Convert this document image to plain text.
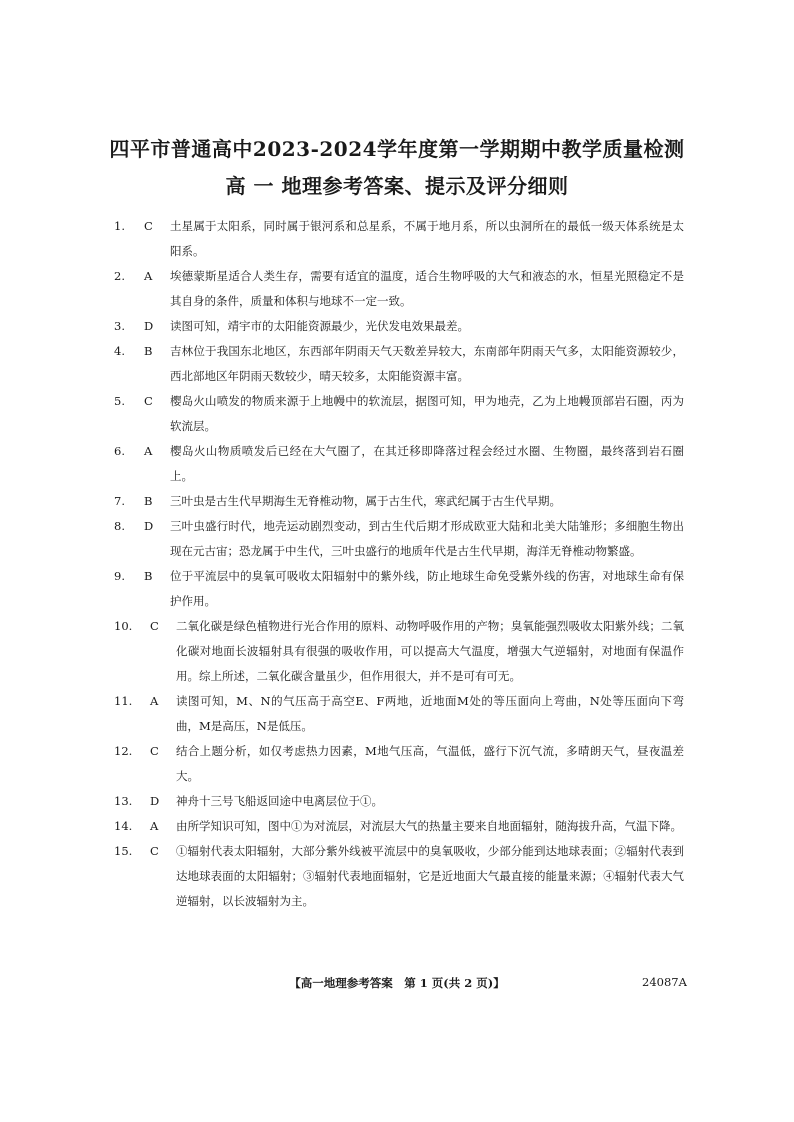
四平市普通高中2023-2024学年度第一学期期中教学质量检测
高 一 地理参考答案、提示及评分细则
1.	C	土星属于太阳系，同时属于银河系和总星系，不属于地月系，所以虫洞所在的最低一级天体系统是太阳系。
2.	A	埃德蒙斯星适合人类生存，需要有适宜的温度，适合生物呼吸的大气和液态的水，恒星光照稳定不是其自身的条件，质量和体积与地球不一定一致。
3.	D	读图可知，靖宇市的太阳能资源最少，光伏发电效果最差。
4.	B	吉林位于我国东北地区，东西部年阴雨天气天数差异较大，东南部年阴雨天气多，太阳能资源较少，西北部地区年阴雨天数较少，晴天较多，太阳能资源丰富。
5.	C	樱岛火山喷发的物质来源于上地幔中的软流层，据图可知，甲为地壳，乙为上地幔顶部岩石圈，丙为软流层。
6.	A	樱岛火山物质喷发后已经在大气圈了，在其迁移即降落过程会经过水圈、生物圈，最终落到岩石圈上。
7.	B	三叶虫是古生代早期海生无脊椎动物，属于古生代，寒武纪属于古生代早期。
8.	D	三叶虫盛行时代，地壳运动剧烈变动，到古生代后期才形成欧亚大陆和北美大陆雏形；多细胞生物出现在元古宙；恐龙属于中生代，三叶虫盛行的地质年代是古生代早期，海洋无脊椎动物繁盛。
9.	B	位于平流层中的臭氧可吸收太阳辐射中的紫外线，防止地球生命免受紫外线的伤害，对地球生命有保护作用。
10.	C	二氧化碳是绿色植物进行光合作用的原料、动物呼吸作用的产物；臭氧能强烈吸收太阳紫外线；二氧化碳对地面长波辐射具有很强的吸收作用，可以提高大气温度，增强大气逆辐射，对地面有保温作用。综上所述，二氧化碳含量虽少，但作用很大，并不是可有可无。
11.	A	读图可知，M、N的气压高于高空E、F两地，近地面M处的等压面向上弯曲，N处等压面向下弯曲，M是高压，N是低压。
12.	C	结合上题分析，如仅考虑热力因素，M地气压高，气温低，盛行下沉气流，多晴朗天气，昼夜温差大。
13.	D	神舟十三号飞船返回途中电离层位于①。
14.	A	由所学知识可知，图中①为对流层，对流层大气的热量主要来自地面辐射，随海拔升高，气温下降。
15.	C	①辐射代表太阳辐射，大部分紫外线被平流层中的臭氧吸收，少部分能到达地球表面；②辐射代表到达地球表面的太阳辐射；③辐射代表地面辐射，它是近地面大气最直接的能量来源；④辐射代表大气逆辐射，以长波辐射为主。
【高一地理参考答案　第 1 页(共 2 页)】	24087A
